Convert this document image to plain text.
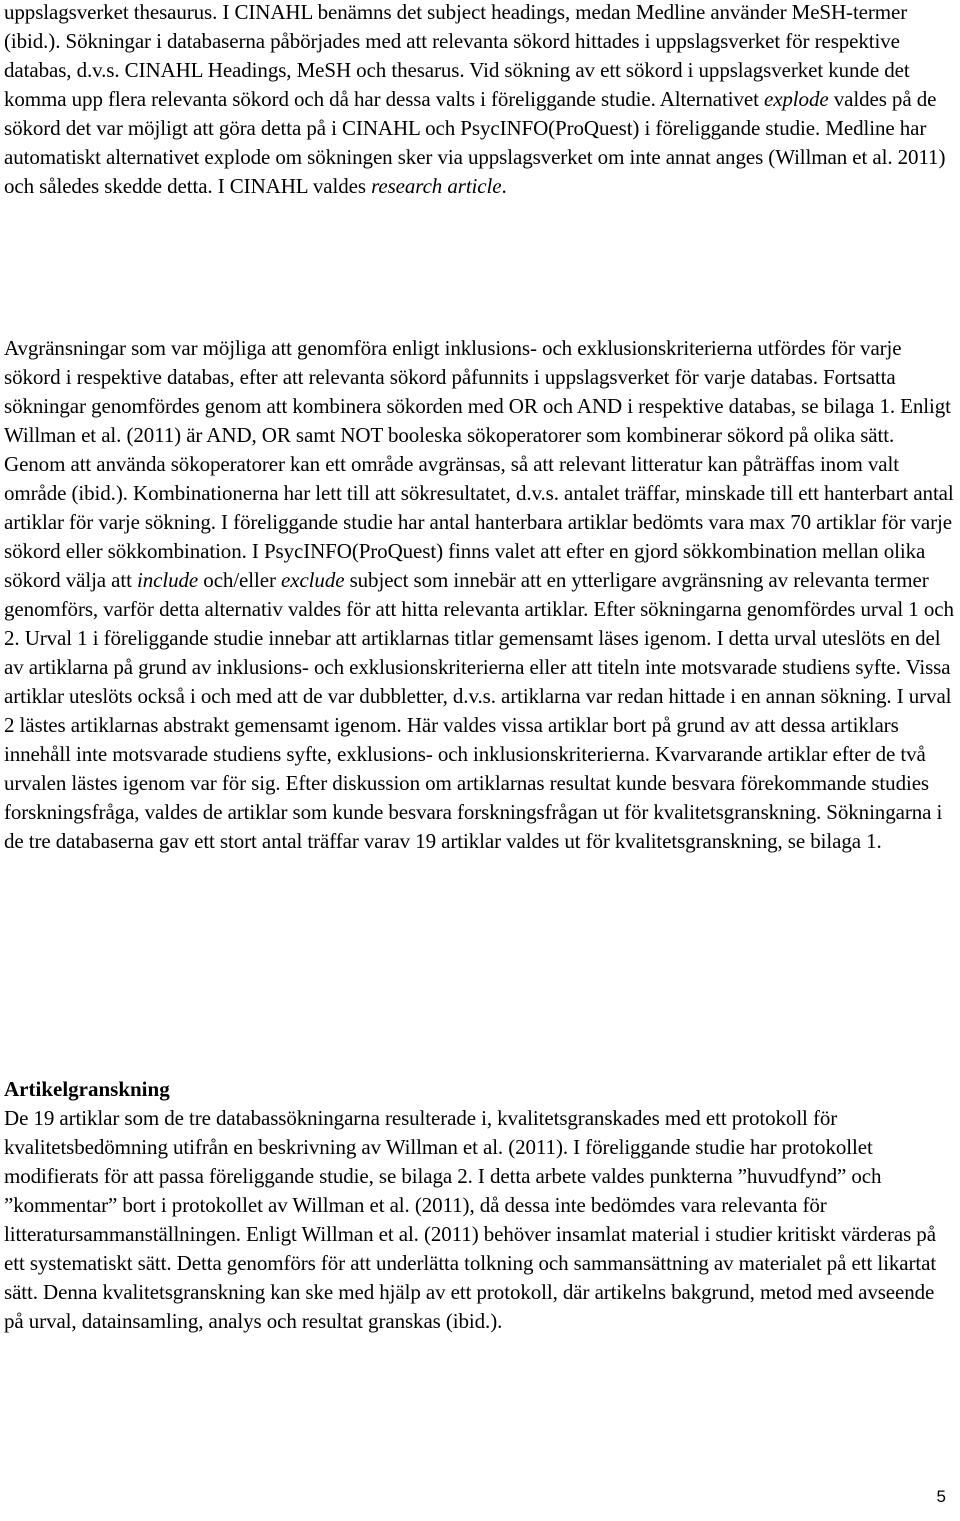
uppslagsverket thesaurus. I CINAHL benämns det subject headings, medan Medline använder MeSH-termer (ibid.). Sökningar i databaserna påbörjades med att relevanta sökord hittades i uppslagsverket för respektive databas, d.v.s. CINAHL Headings, MeSH och thesarus. Vid sökning av ett sökord i uppslagsverket kunde det komma upp flera relevanta sökord och då har dessa valts i föreliggande studie. Alternativet explode valdes på de sökord det var möjligt att göra detta på i CINAHL och PsycINFO(ProQuest) i föreliggande studie. Medline har automatiskt alternativet explode om sökningen sker via uppslagsverket om inte annat anges (Willman et al. 2011) och således skedde detta. I CINAHL valdes research article.

Avgränsningar som var möjliga att genomföra enligt inklusions- och exklusionskriterierna utfördes för varje sökord i respektive databas, efter att relevanta sökord påfunnits i uppslagsverket för varje databas. Fortsatta sökningar genomfördes genom att kombinera sökorden med OR och AND i respektive databas, se bilaga 1. Enligt Willman et al. (2011) är AND, OR samt NOT booleska sökoperatorer som kombinerar sökord på olika sätt. Genom att använda sökoperatorer kan ett område avgränsas, så att relevant litteratur kan påträffas inom valt område (ibid.). Kombinationerna har lett till att sökresultatet, d.v.s. antalet träffar, minskade till ett hanterbart antal artiklar för varje sökning. I föreliggande studie har antal hanterbara artiklar bedömts vara max 70 artiklar för varje sökord eller sökkombination. I PsycINFO(ProQuest) finns valet att efter en gjord sökkombination mellan olika sökord välja att include och/eller exclude subject som innebär att en ytterligare avgränsning av relevanta termer genomförs, varför detta alternativ valdes för att hitta relevanta artiklar. Efter sökningarna genomfördes urval 1 och 2. Urval 1 i föreliggande studie innebar att artiklarnas titlar gemensamt läses igenom. I detta urval uteslöts en del av artiklarna på grund av inklusions- och exklusionskriterierna eller att titeln inte motsvarade studiens syfte. Vissa artiklar uteslöts också i och med att de var dubbletter, d.v.s. artiklarna var redan hittade i en annan sökning. I urval 2 lästes artiklarnas abstrakt gemensamt igenom. Här valdes vissa artiklar bort på grund av att dessa artiklars innehåll inte motsvarade studiens syfte, exklusions- och inklusionskriterierna. Kvarvarande artiklar efter de två urvalen lästes igenom var för sig. Efter diskussion om artiklarnas resultat kunde besvara förekommande studies forskningsfråga, valdes de artiklar som kunde besvara forskningsfrågan ut för kvalitetsgranskning. Sökningarna i de tre databaserna gav ett stort antal träffar varav 19 artiklar valdes ut för kvalitetsgranskning, se bilaga 1.

Artikelgranskning

De 19 artiklar som de tre databassökningarna resulterade i, kvalitetsgranskades med ett protokoll för kvalitetsbedömning utifrån en beskrivning av Willman et al. (2011). I föreliggande studie har protokollet modifierats för att passa föreliggande studie, se bilaga 2. I detta arbete valdes punkterna ”huvudfynd” och ”kommentar” bort i protokollet av Willman et al. (2011), då dessa inte bedömdes vara relevanta för litteratursammanställningen. Enligt Willman et al. (2011) behöver insamlat material i studier kritiskt värderas på ett systematiskt sätt. Detta genomförs för att underlätta tolkning och sammansättning av materialet på ett likartat sätt. Denna kvalitetsgranskning kan ske med hjälp av ett protokoll, där artikelns bakgrund, metod med avseende på urval, datainsamling, analys och resultat granskas (ibid.).

5
